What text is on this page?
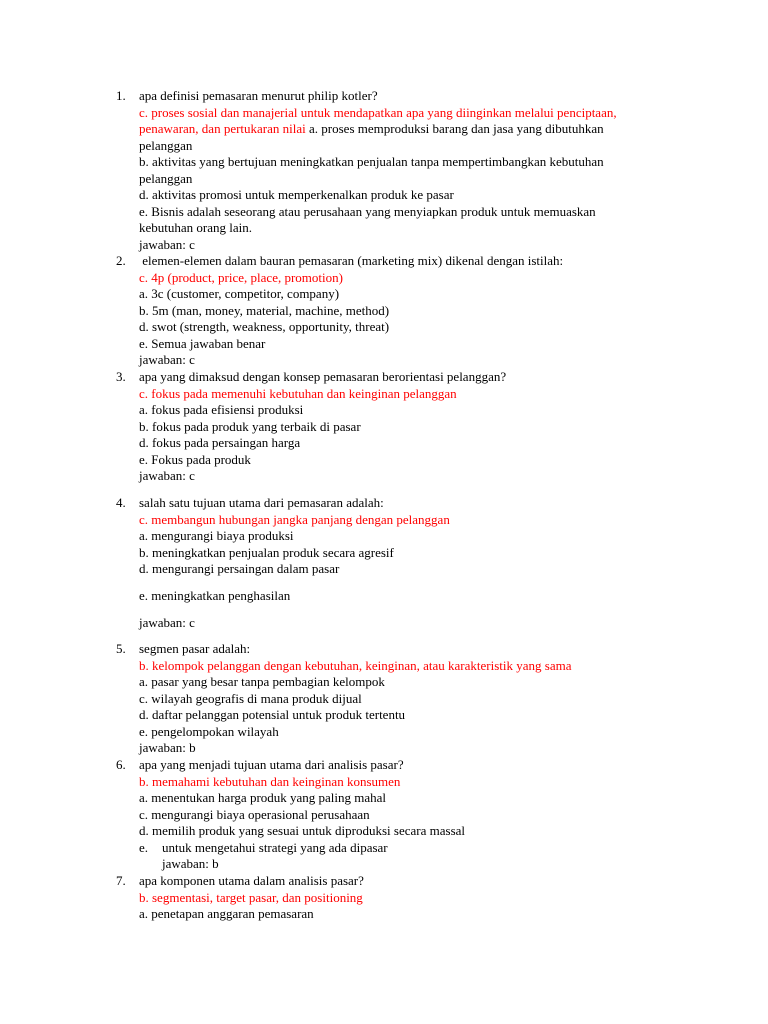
1. apa definisi pemasaran menurut philip kotler?
c. proses sosial dan manajerial untuk mendapatkan apa yang diinginkan melalui penciptaan,
penawaran, dan pertukaran nilai a. proses memproduksi barang dan jasa yang dibutuhkan
pelanggan
b. aktivitas yang bertujuan meningkatkan penjualan tanpa mempertimbangkan kebutuhan
pelanggan
d. aktivitas promosi untuk memperkenalkan produk ke pasar
e. Bisnis adalah seseorang atau perusahaan yang menyiapkan produk untuk memuaskan
kebutuhan orang lain.
jawaban: c
2. elemen-elemen dalam bauran pemasaran (marketing mix) dikenal dengan istilah:
c. 4p (product, price, place, promotion)
a. 3c (customer, competitor, company)
b. 5m (man, money, material, machine, method)
d. swot (strength, weakness, opportunity, threat)
e. Semua jawaban benar
jawaban: c
3. apa yang dimaksud dengan konsep pemasaran berorientasi pelanggan?
c. fokus pada memenuhi kebutuhan dan keinginan pelanggan
a. fokus pada efisiensi produksi
b. fokus pada produk yang terbaik di pasar
d. fokus pada persaingan harga
e. Fokus pada produk
jawaban: c
4. salah satu tujuan utama dari pemasaran adalah:
c. membangun hubungan jangka panjang dengan pelanggan
a. mengurangi biaya produksi
b. meningkatkan penjualan produk secara agresif
d. mengurangi persaingan dalam pasar
e. meningkatkan penghasilan
jawaban: c
5. segmen pasar adalah:
b. kelompok pelanggan dengan kebutuhan, keinginan, atau karakteristik yang sama
a. pasar yang besar tanpa pembagian kelompok
c. wilayah geografis di mana produk dijual
d. daftar pelanggan potensial untuk produk tertentu
e. pengelompokan wilayah
jawaban: b
6. apa yang menjadi tujuan utama dari analisis pasar?
b. memahami kebutuhan dan keinginan konsumen
a. menentukan harga produk yang paling mahal
c. mengurangi biaya operasional perusahaan
d. memilih produk yang sesuai untuk diproduksi secara massal
e. untuk mengetahui strategi yang ada dipasar
jawaban: b
7. apa komponen utama dalam analisis pasar?
b. segmentasi, target pasar, dan positioning
a. penetapan anggaran pemasaran
